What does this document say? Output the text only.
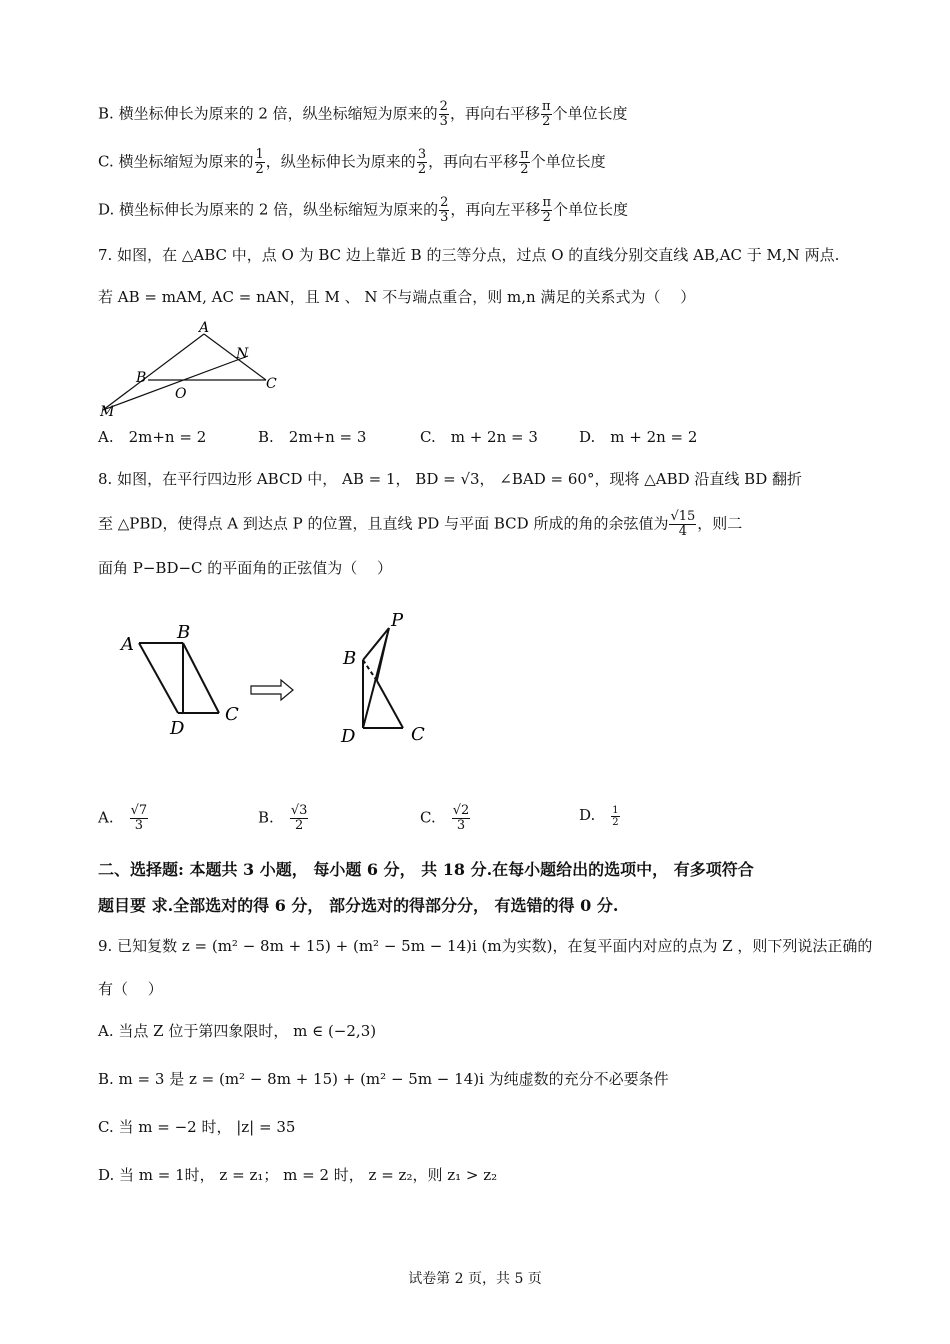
B. 横坐标伸长为原来的 2 倍，纵坐标缩短为原来的 $\frac{2}{3}$ ，再向右平移 $\frac{\pi}{2}$ 个单位长度
C. 横坐标缩短为原来的 $\frac{1}{2}$ ，纵坐标伸长为原来的 $\frac{3}{2}$ ，再向右平移 $\frac{\pi}{2}$ 个单位长度
D. 横坐标伸长为原来的 2 倍，纵坐标缩短为原来的 $\frac{2}{3}$ ，再向左平移 $\frac{\pi}{2}$ 个单位长度
7. 如图，在 △ABC 中，点 O 为 BC 边上靠近 B 的三等分点，过点 O 的直线分别交直线 AB,AC 于 M,N 两点.
若 AB = mAM, AC = nAN，且 M 、 N 不与端点重合，则 m,n 满足的关系式为（　 ）
A
N
B
O
C
M
A.　2m+n = 2	B.　2m+n = 3	C.　m + 2n = 3	D.　m + 2n = 2
8. 如图，在平行四边形 ABCD 中， AB = 1， BD = √3， ∠BAD = 60°，现将 △ABD 沿直线 BD 翻折
至 △PBD，使得点 A 到达点 P 的位置，且直线 PD 与平面 BCD 所成的角的余弦值为 $\frac{√15}{4}$ ，则二
面角 P−BD−C 的平面角的正弦值为（　 ）
A
B
C
D
P
B
C
D
A.　 $\frac{√7}{3}$	B.　 $\frac{√3}{2}$	C.　 $\frac{√2}{3}$	D.　 $\frac{1}{2}$
二、选择题: 本题共 3 小题， 每小题 6 分， 共 18 分.在每小题给出的选项中， 有多项符合
题目要 求.全部选对的得 6 分， 部分选对的得部分分， 有选错的得 0 分.
9. 已知复数 z = (m² − 8m + 15) + (m² − 5m − 14)i (m为实数)，在复平面内对应的点为 Z ，则下列说法正确的
有（　 ）
A. 当点 Z 位于第四象限时， m ∈ (−2,3)
B. m = 3 是 z = (m² − 8m + 15) + (m² − 5m − 14)i 为纯虚数的充分不必要条件
C. 当 m = −2 时， |z| = 35
D. 当 m = 1时， z = z₁； m = 2 时， z = z₂，则 z₁ > z₂
试卷第 2 页，共 5 页
